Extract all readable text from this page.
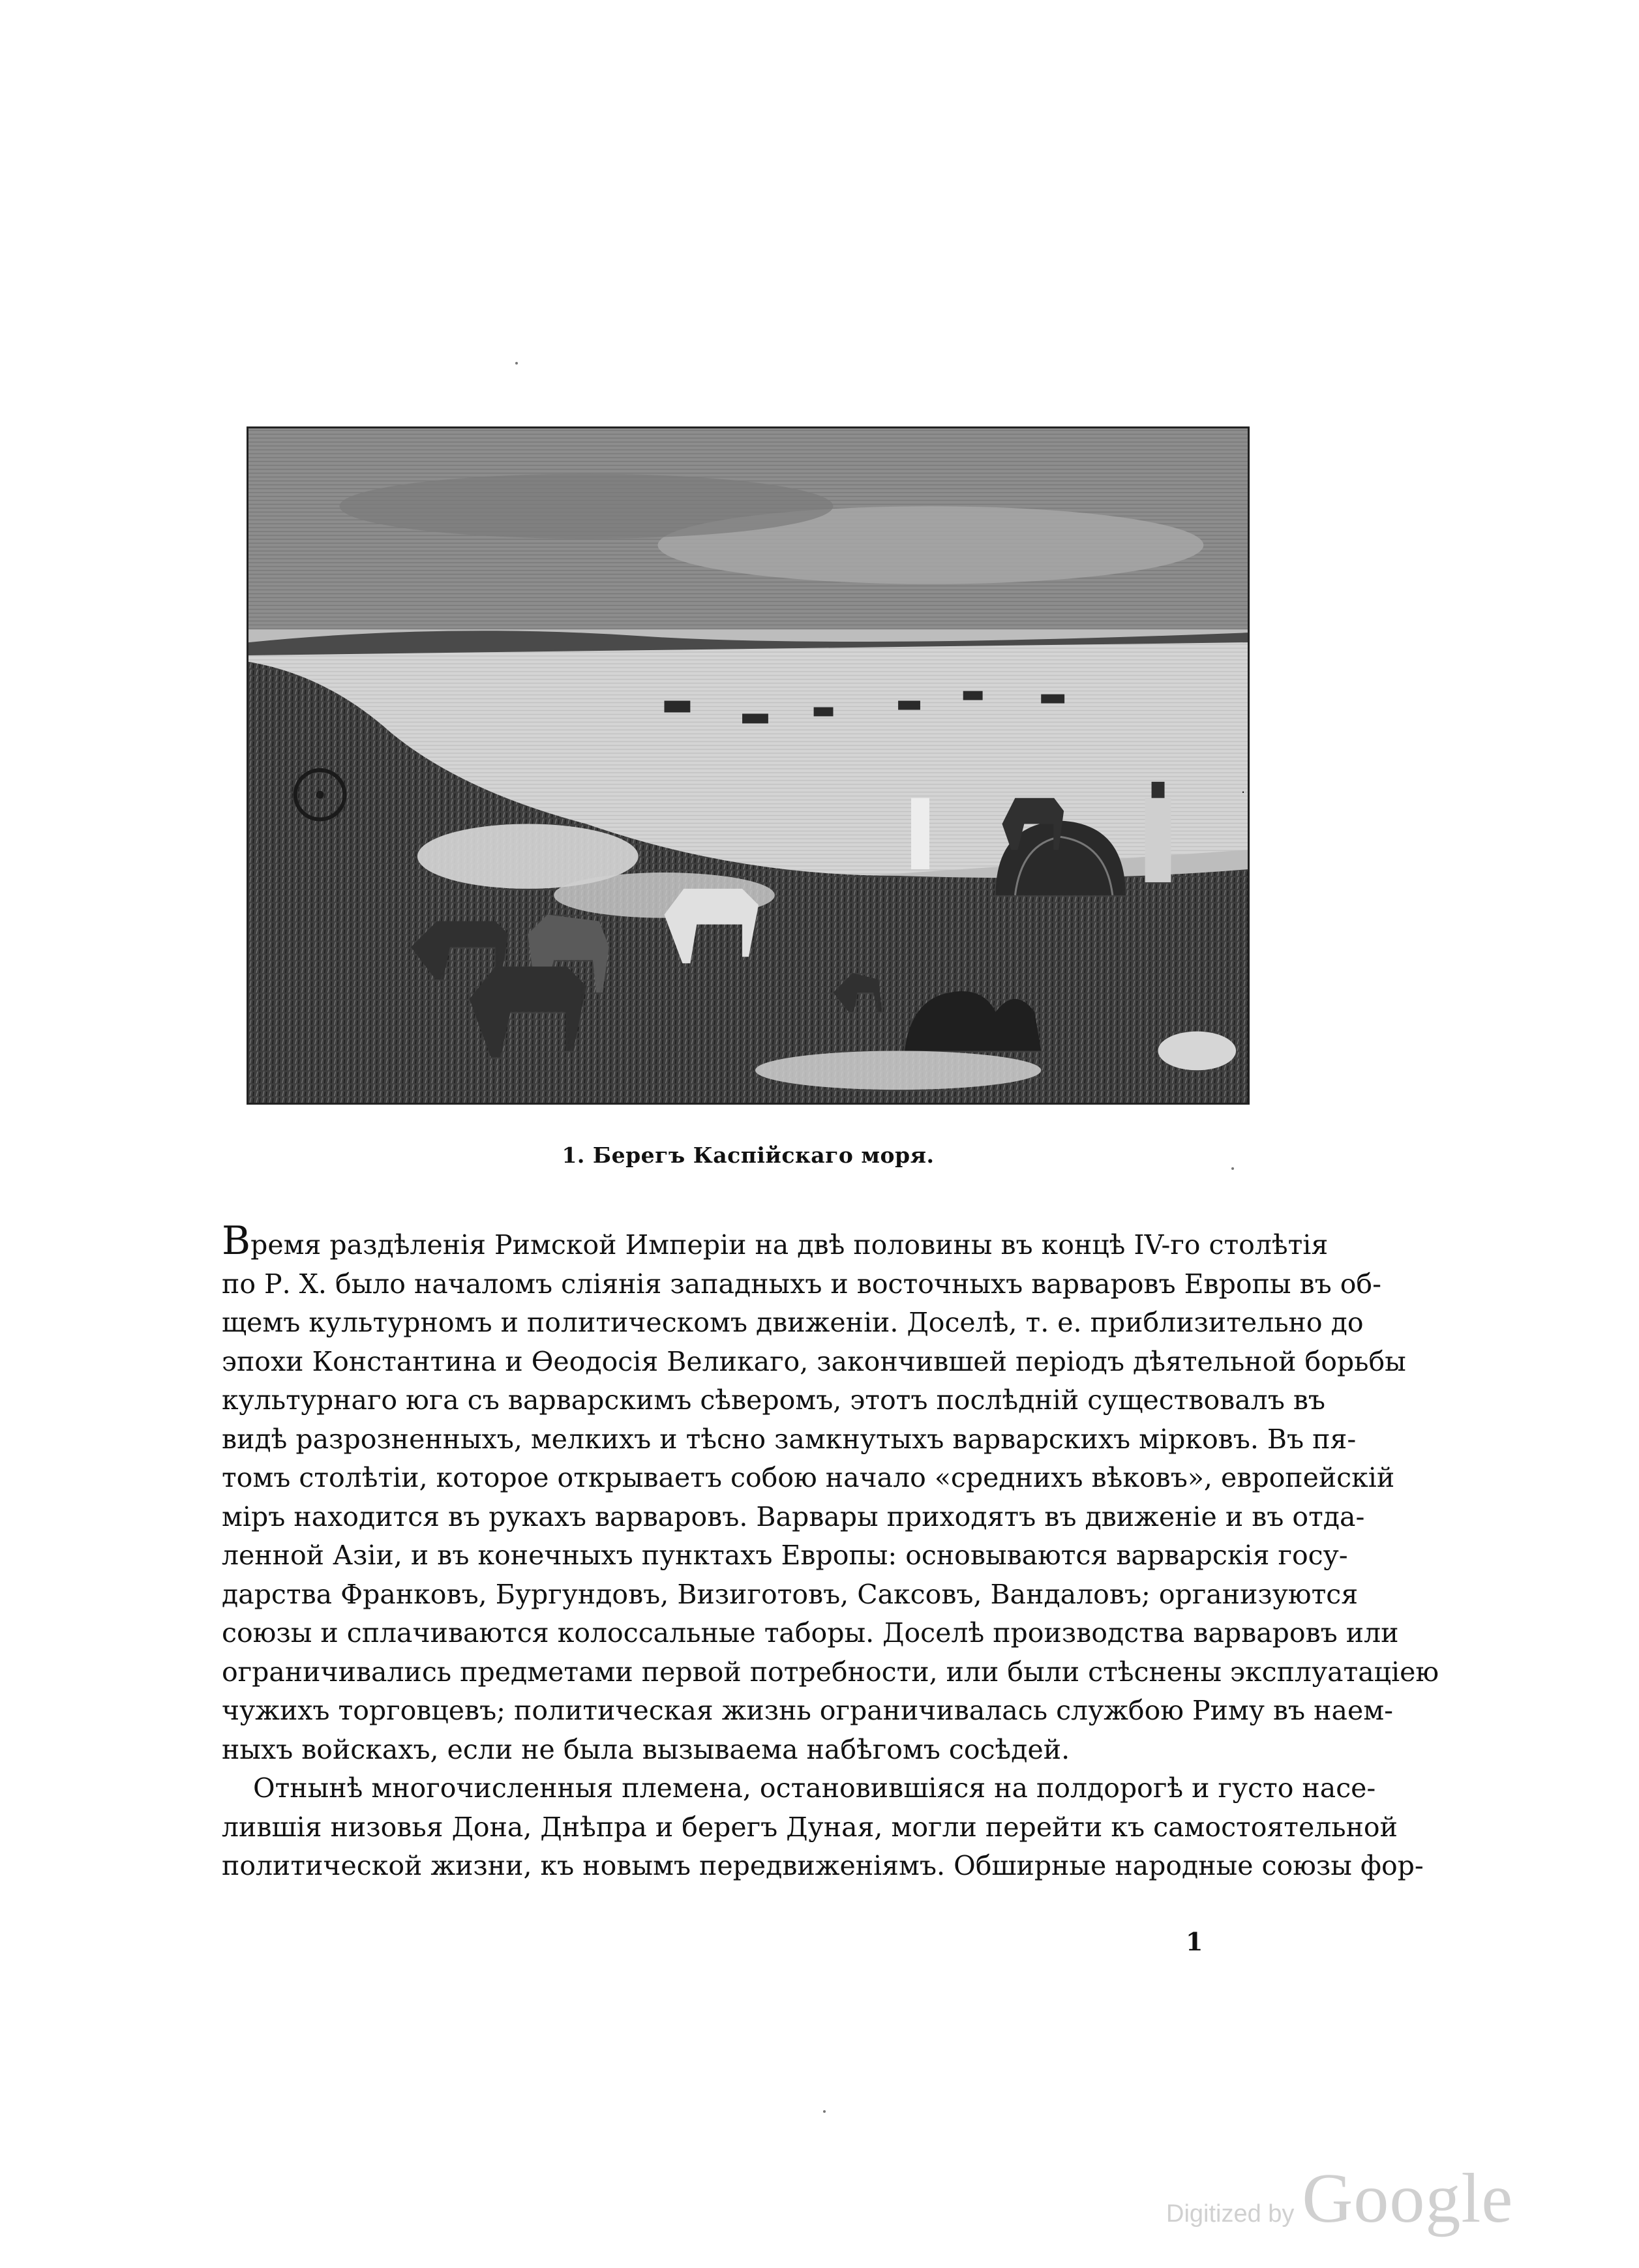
1. Берегъ Каспійскаго моря.
Время раздѣленія Римской Имперіи на двѣ половины въ концѣ IV-го столѣтія
по Р. Х. было началомъ сліянія западныхъ и восточныхъ варваровъ Европы въ об-
щемъ культурномъ и политическомъ движеніи. Доселѣ, т. е. приблизительно до
эпохи Константина и Ѳеодосія Великаго, закончившей періодъ дѣятельной борьбы
культурнаго юга съ варварскимъ сѣверомъ, этотъ послѣдній существовалъ въ
видѣ разрозненныхъ, мелкихъ и тѣсно замкнутыхъ варварскихъ мірковъ. Въ пя-
томъ столѣтіи, которое открываетъ собою начало «среднихъ вѣковъ», европейскій
міръ находится въ рукахъ варваровъ. Варвары приходятъ въ движеніе и въ отда-
ленной Азіи, и въ конечныхъ пунктахъ Европы: основываются варварскія госу-
дарства Франковъ, Бургундовъ, Визиготовъ, Саксовъ, Вандаловъ; организуются
союзы и сплачиваются колоссальные таборы. Доселѣ производства варваровъ или
ограничивались предметами первой потребности, или были стѣснены эксплуатаціею
чужихъ торговцевъ; политическая жизнь ограничивалась службою Риму въ наем-
ныхъ войскахъ, если не была вызываема набѣгомъ сосѣдей.
Отнынѣ многочисленныя племена, остановившіяся на полдорогѣ и густо насе-
лившія низовья Дона, Днѣпра и берегъ Дуная, могли перейти къ самостоятельной
политической жизни, къ новымъ передвиженіямъ. Обширные народные союзы фор-
1
Digitized by Google
